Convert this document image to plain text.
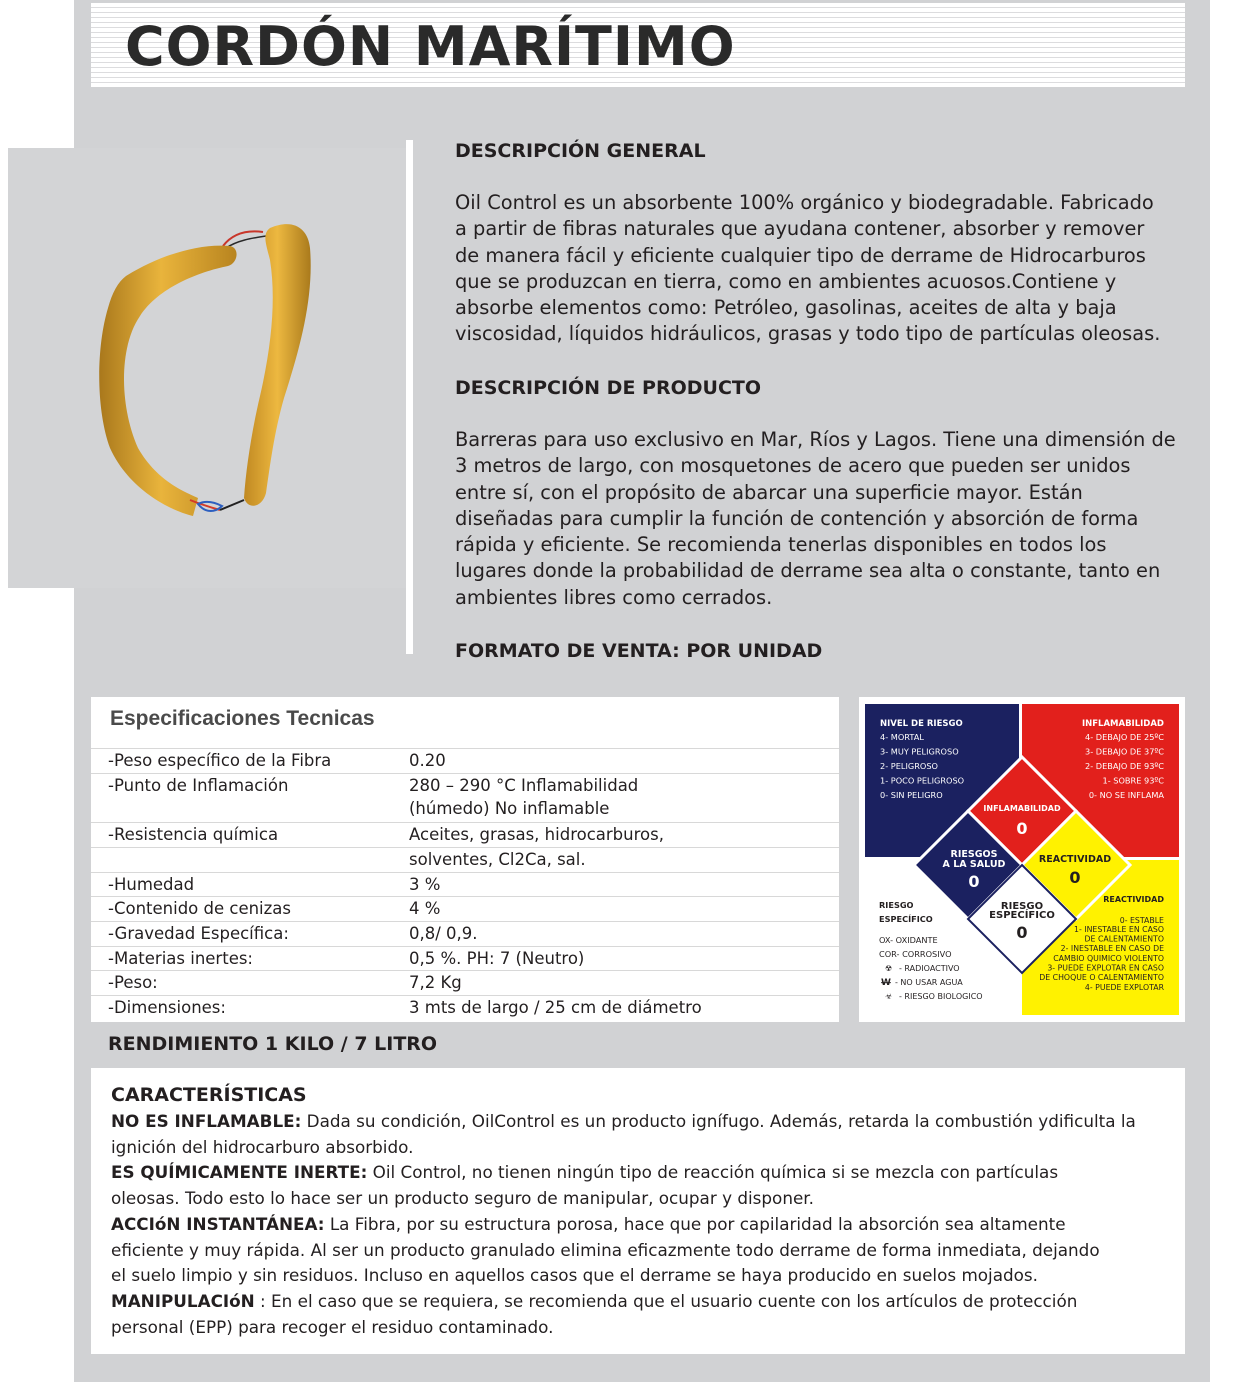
CORDÓN MARÍTIMO
DESCRIPCIÓN GENERAL
Oil Control es un absorbente 100% orgánico y biodegradable. Fabricado
a partir de fibras naturales que ayudana contener, absorber y remover
de manera fácil y eficiente cualquier tipo de derrame de Hidrocarburos
que se produzcan en tierra, como en ambientes acuosos.Contiene y
absorbe elementos como: Petróleo, gasolinas, aceites de alta y baja
viscosidad, líquidos hidráulicos, grasas y todo tipo de partículas oleosas.
DESCRIPCIÓN DE PRODUCTO
Barreras para uso exclusivo en Mar, Ríos y Lagos. Tiene una dimensión de
3 metros de largo, con mosquetones de acero que pueden ser unidos
entre sí, con el propósito de abarcar una superficie mayor. Están
diseñadas para cumplir la función de contención y absorción de forma
rápida y eficiente. Se recomienda tenerlas disponibles en todos los
lugares donde la probabilidad de derrame sea alta o constante, tanto en
ambientes libres como cerrados.
FORMATO DE VENTA: POR UNIDAD
Especificaciones Tecnicas
-Peso específico de la Fibra	0.20
-Punto de Inflamación	280 – 290 °C Inflamabilidad
(húmedo) No inflamable
-Resistencia química	Aceites, grasas, hidrocarburos,
solventes, Cl2Ca, sal.
-Humedad	3 %
-Contenido de cenizas	4 %
-Gravedad Específica:	0,8/ 0,9.
-Materias inertes:	0,5 %. PH: 7 (Neutro)
-Peso:	7,2 Kg
-Dimensiones:	3 mts de largo / 25 cm de diámetro
NIVEL DE RIESGO
4- MORTAL
3- MUY PELIGROSO
2- PELIGROSO
1- POCO PELIGROSO
0- SIN PELIGRO
INFLAMABILIDAD
4- DEBAJO DE 25ºC
3- DEBAJO DE 37ºC
2- DEBAJO DE 93ºC
1- SOBRE 93ºC
0- NO SE INFLAMA
RIESGO
ESPECÍFICO
OX- OXIDANTE
COR- CORROSIVO
☢ - RADIOACTIVO
W - NO USAR AGUA
☣ - RIESGO BIOLOGICO
REACTIVIDAD
0- ESTABLE
1- INESTABLE EN CASO
DE CALENTAMIENTO
2- INESTABLE EN CASO DE
CAMBIO QUIMICO VIOLENTO
3- PUEDE EXPLOTAR EN CASO
DE CHOQUE O CALENTAMIENTO
4- PUEDE EXPLOTAR
INFLAMABILIDAD
0
RIESGOS
A LA SALUD
0
REACTIVIDAD
0
RIESGO
ESPECÍFICO
0
RENDIMIENTO 1 KILO / 7 LITRO
CARACTERÍSTICAS
NO ES INFLAMABLE: Dada su condición, OilControl es un producto ignífugo. Además, retarda la combustión ydificulta la
ignición del hidrocarburo absorbido.
ES QUÍMICAMENTE INERTE: Oil Control, no tienen ningún tipo de reacción química si se mezcla con partículas
oleosas. Todo esto lo hace ser un producto seguro de manipular, ocupar y disponer.
ACCIóN INSTANTÁNEA: La Fibra, por su estructura porosa, hace que por capilaridad la absorción sea altamente
eficiente y muy rápida. Al ser un producto granulado elimina eficazmente todo derrame de forma inmediata, dejando
el suelo limpio y sin residuos. Incluso en aquellos casos que el derrame se haya producido en suelos mojados.
MANIPULACIóN : En el caso que se requiera, se recomienda que el usuario cuente con los artículos de protección
personal (EPP) para recoger el residuo contaminado.
